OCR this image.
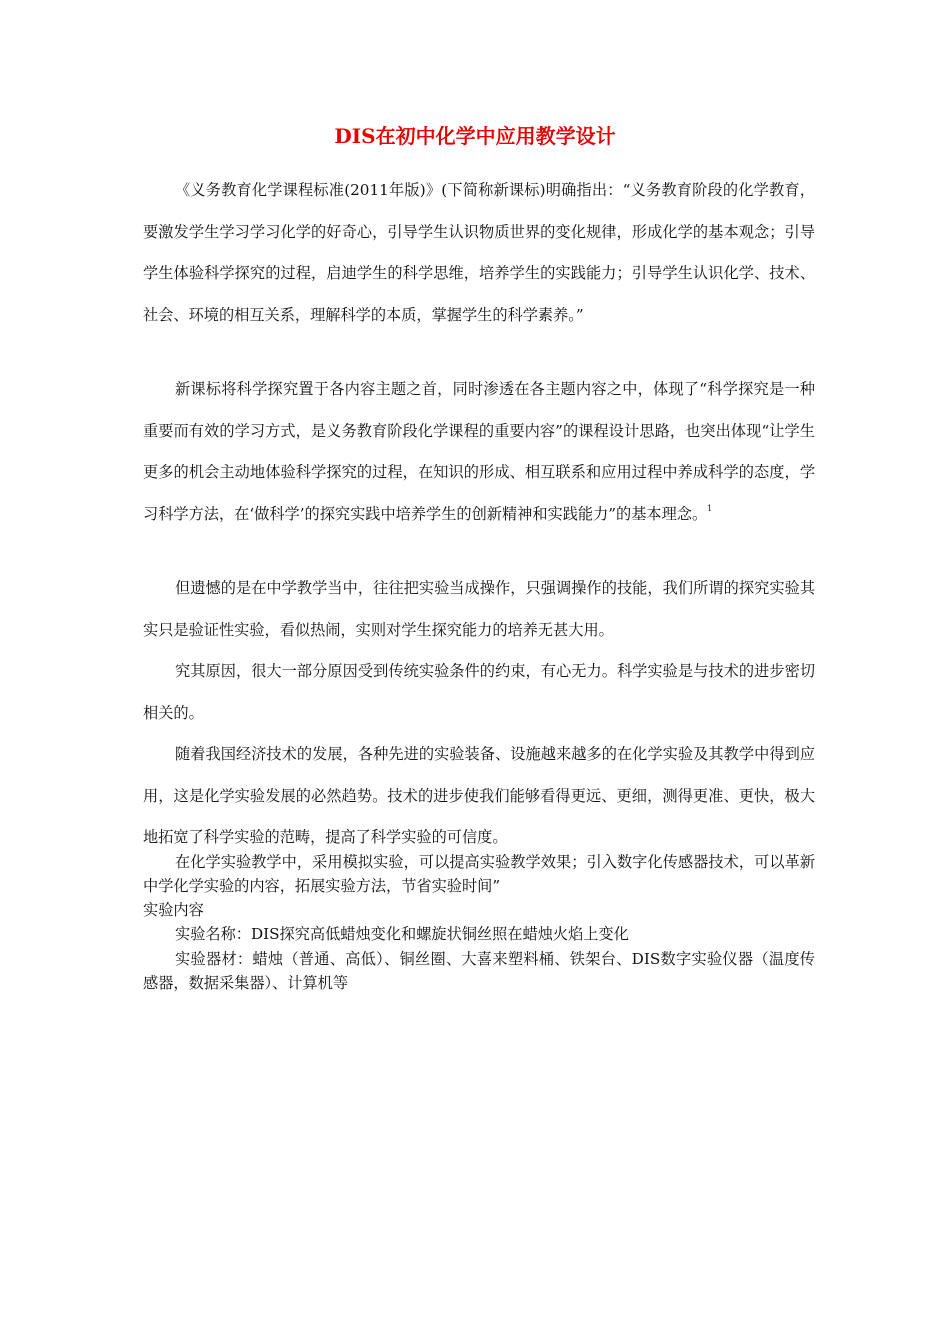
DIS在初中化学中应用教学设计

《义务教育化学课程标准(2011年版)》(下简称新课标)明确指出：“义务教育阶段的化学教育，要激发学生学习学习化学的好奇心，引导学生认识物质世界的变化规律，形成化学的基本观念；引导学生体验科学探究的过程，启迪学生的科学思维，培养学生的实践能力；引导学生认识化学、技术、社会、环境的相互关系，理解科学的本质，掌握学生的科学素养。”

新课标将科学探究置于各内容主题之首，同时渗透在各主题内容之中，体现了“科学探究是一种重要而有效的学习方式，是义务教育阶段化学课程的重要内容”的课程设计思路，也突出体现“让学生更多的机会主动地体验科学探究的过程，在知识的形成、相互联系和应用过程中养成科学的态度，学习科学方法，在‘做科学’的探究实践中培养学生的创新精神和实践能力”的基本理念。$^1$

但遗憾的是在中学教学当中，往往把实验当成操作，只强调操作的技能，我们所谓的探究实验其实只是验证性实验，看似热闹，实则对学生探究能力的培养无甚大用。

究其原因，很大一部分原因受到传统实验条件的约束，有心无力。科学实验是与技术的进步密切相关的。

随着我国经济技术的发展，各种先进的实验装备、设施越来越多的在化学实验及其教学中得到应用，这是化学实验发展的必然趋势。技术的进步使我们能够看得更远、更细，测得更准、更快，极大地拓宽了科学实验的范畴，提高了科学实验的可信度。

在化学实验教学中，采用模拟实验，可以提高实验教学效果；引入数字化传感器技术，可以革新中学化学实验的内容，拓展实验方法，节省实验时间”

实验内容

实验名称：DIS探究高低蜡烛变化和螺旋状铜丝照在蜡烛火焰上变化

实验器材：蜡烛（普通、高低）、铜丝圈、大喜来塑料桶、铁架台、DIS数字实验仪器（温度传感器，数据采集器）、计算机等
